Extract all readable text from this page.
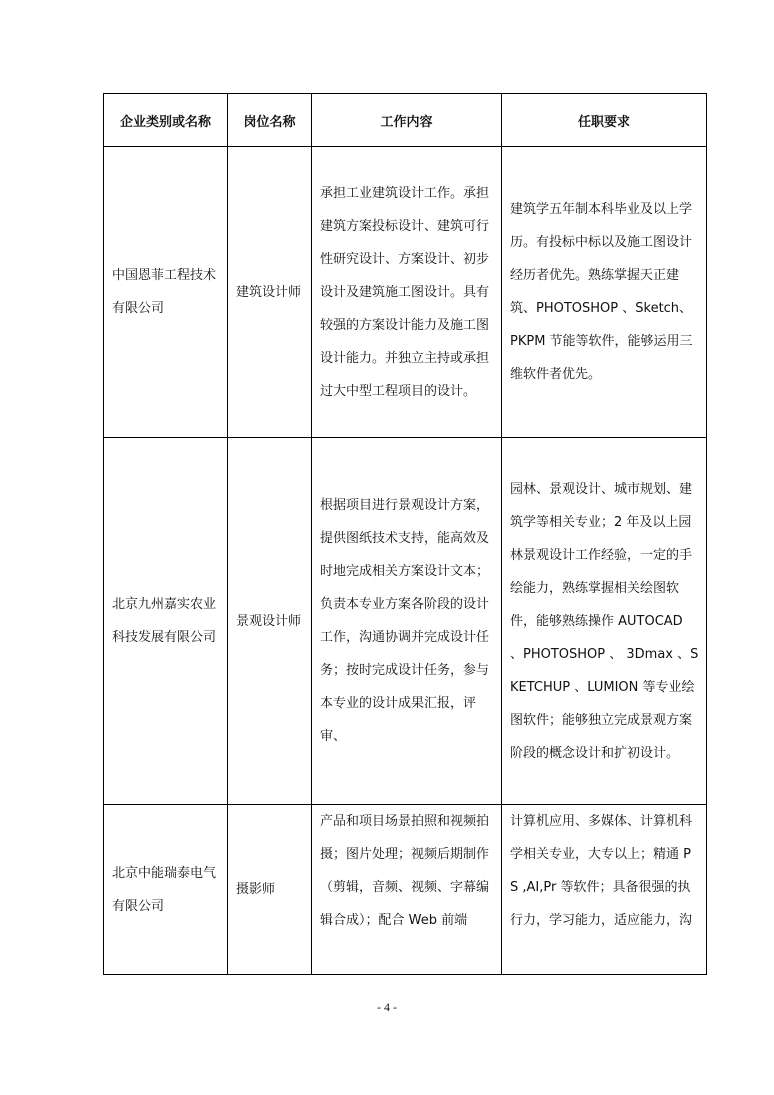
企业类别或名称	岗位名称	工作内容	任职要求

中国恩菲工程技术有限公司	建筑设计师	承担工业建筑设计工作。承担建筑方案投标设计、建筑可行性研究设计、方案设计、初步设计及建筑施工图设计。具有较强的方案设计能力及施工图设计能力。并独立主持或承担过大中型工程项目的设计。	建筑学五年制本科毕业及以上学历。有投标中标以及施工图设计经历者优先。熟练掌握天正建筑、PHOTOSHOP 、Sketch、PKPM 节能等软件，能够运用三维软件者优先。

北京九州嘉实农业科技发展有限公司	景观设计师	根据项目进行景观设计方案，提供图纸技术支持，能高效及时地完成相关方案设计文本；负责本专业方案各阶段的设计工作，沟通协调并完成设计任务；按时完成设计任务，参与本专业的设计成果汇报，评审、	园林、景观设计、城市规划、建筑学等相关专业；2 年及以上园林景观设计工作经验，一定的手绘能力，熟练掌握相关绘图软件，能够熟练操作 AUTOCAD 、PHOTOSHOP 、 3Dmax 、SKETCHUP 、LUMION 等专业绘图软件；能够独立完成景观方案阶段的概念设计和扩初设计。

北京中能瑞泰电气有限公司	摄影师	产品和项目场景拍照和视频拍摄；图片处理；视频后期制作（剪辑，音频、视频、字幕编辑合成）；配合 Web 前端	计算机应用、多媒体、计算机科学相关专业，大专以上；精通 PS ,AI,Pr 等软件；具备很强的执行力，学习能力，适应能力，沟
- 4 -
